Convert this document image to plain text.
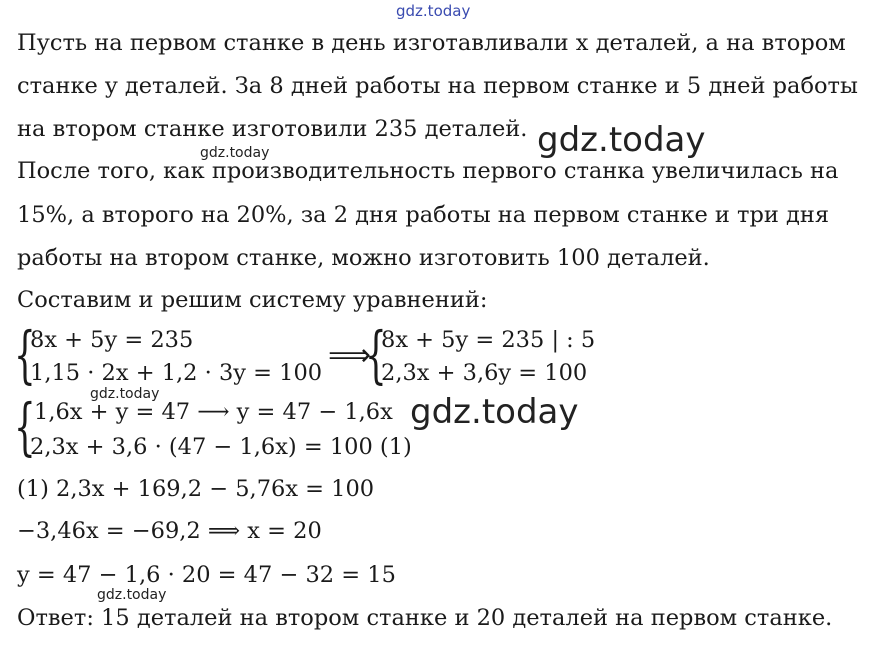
gdz.today
Пусть на первом станке в день изготавливали x деталей, а на втором
станке y деталей. За 8 дней работы на первом станке и 5 дней работы
на втором станке изготовили 235 деталей. gdz.today
gdz.today
После того, как производительность первого станка увеличилась на
15%, а второго на 20%, за 2 дня работы на первом станке и три дня
работы на втором станке, можно изготовить 100 деталей.
Составим и решим систему уравнений:
{
8x + 5y = 235
1,15 · 2x + 1,2 · 3y = 100 ⟹
{
8x + 5y = 235 | : 5
2,3x + 3,6y = 100
gdz.today
{
1,6x + y = 47 ⟶ y = 47 − 1,6x gdz.today
2,3x + 3,6 · (47 − 1,6x) = 100 (1)
(1) 2,3x + 169,2 − 5,76x = 100
−3,46x = −69,2 ⟹ x = 20
y = 47 − 1,6 · 20 = 47 − 32 = 15
gdz.today
Ответ: 15 деталей на втором станке и 20 деталей на первом станке.
